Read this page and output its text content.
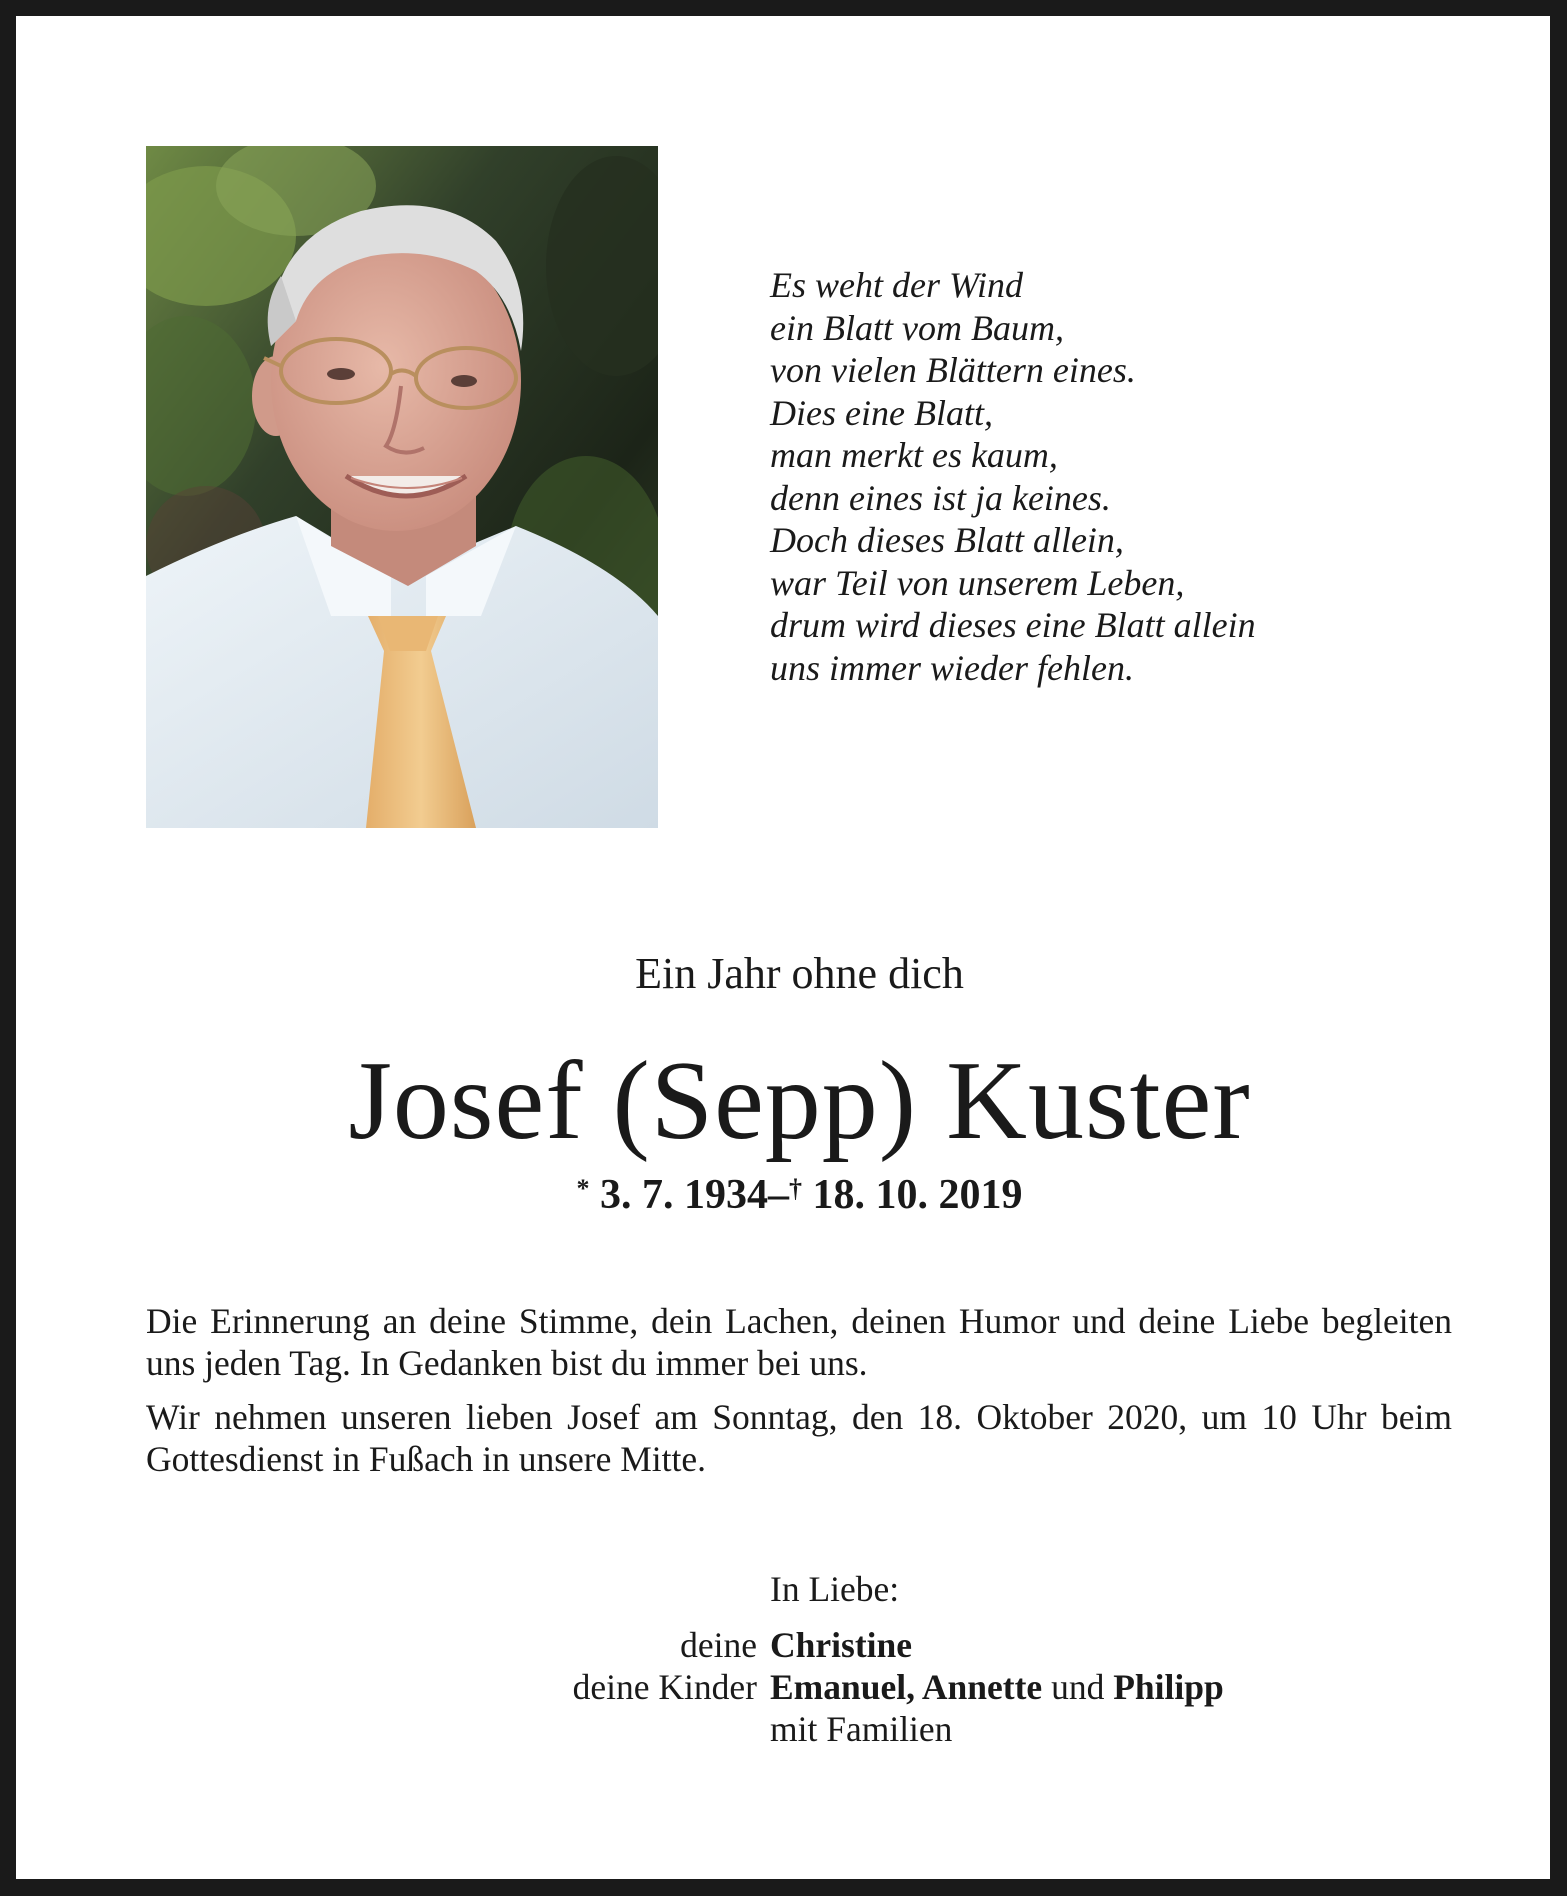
Es weht der Wind
ein Blatt vom Baum,
von vielen Blättern eines.
Dies eine Blatt,
man merkt es kaum,
denn eines ist ja keines.
Doch dieses Blatt allein,
war Teil von unserem Leben,
drum wird dieses eine Blatt allein
uns immer wieder fehlen.
Ein Jahr ohne dich
Josef (Sepp) Kuster
* 3. 7. 1934–† 18. 10. 2019

Die Erinnerung an deine Stimme, dein Lachen, deinen Humor und deine Liebe begleiten uns jeden Tag. In Gedanken bist du immer bei uns.

Wir nehmen unseren lieben Josef am Sonntag, den 18. Oktober 2020, um 10 Uhr beim Gottesdienst in Fußach in unsere Mitte.

In Liebe:
deine Christine
deine Kinder Emanuel, Annette und Philipp
mit Familien
